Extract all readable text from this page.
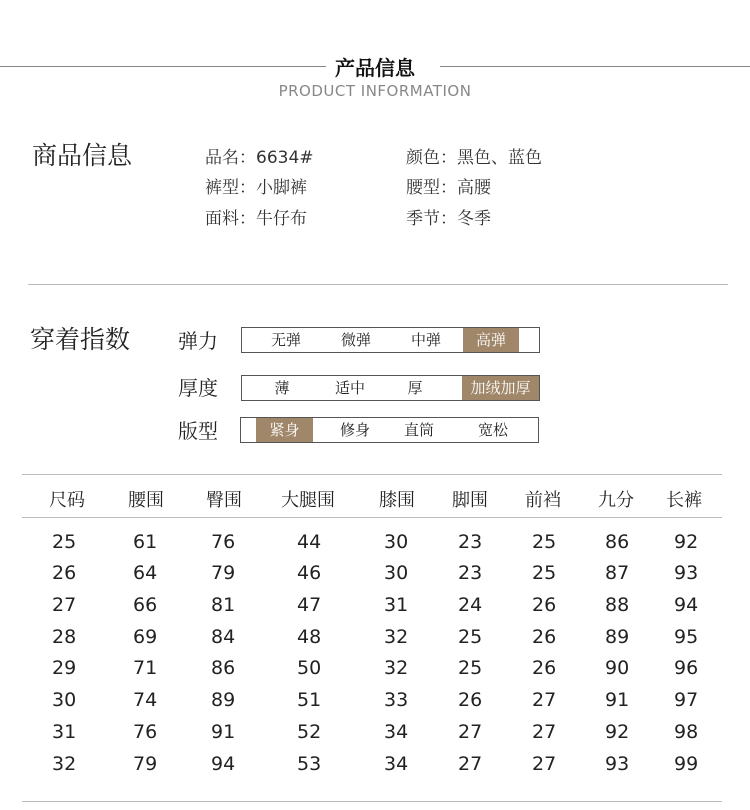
产品信息
PRODUCT INFORMATION
商品信息	品名：6634#
裤型：小脚裤
面料：牛仔布
颜色：黑色、蓝色
腰型：高腰
季节：冬季
穿着指数 弹力	无弹	微弹	中弹	高弹
厚度	薄	适中	厚	加绒加厚
版型	紧身	修身	直筒	宽松
尺码 腰围 臀围 大腿围 膝围 脚围 前裆 九分 长裤
25	61	76	44	30	23	25	86 92
26	64	79	46	30	23	25	87 93
27	66	81	47	31	24	26	88 94
28	69	84	48	32	25	26	89 95
29	71	86	50	32	25	26	90 96
30	74	89	51	33	26	27	91 97
31	76	91	52	34	27	27	92 98
32	79	94	53	34	27	27	93 99
